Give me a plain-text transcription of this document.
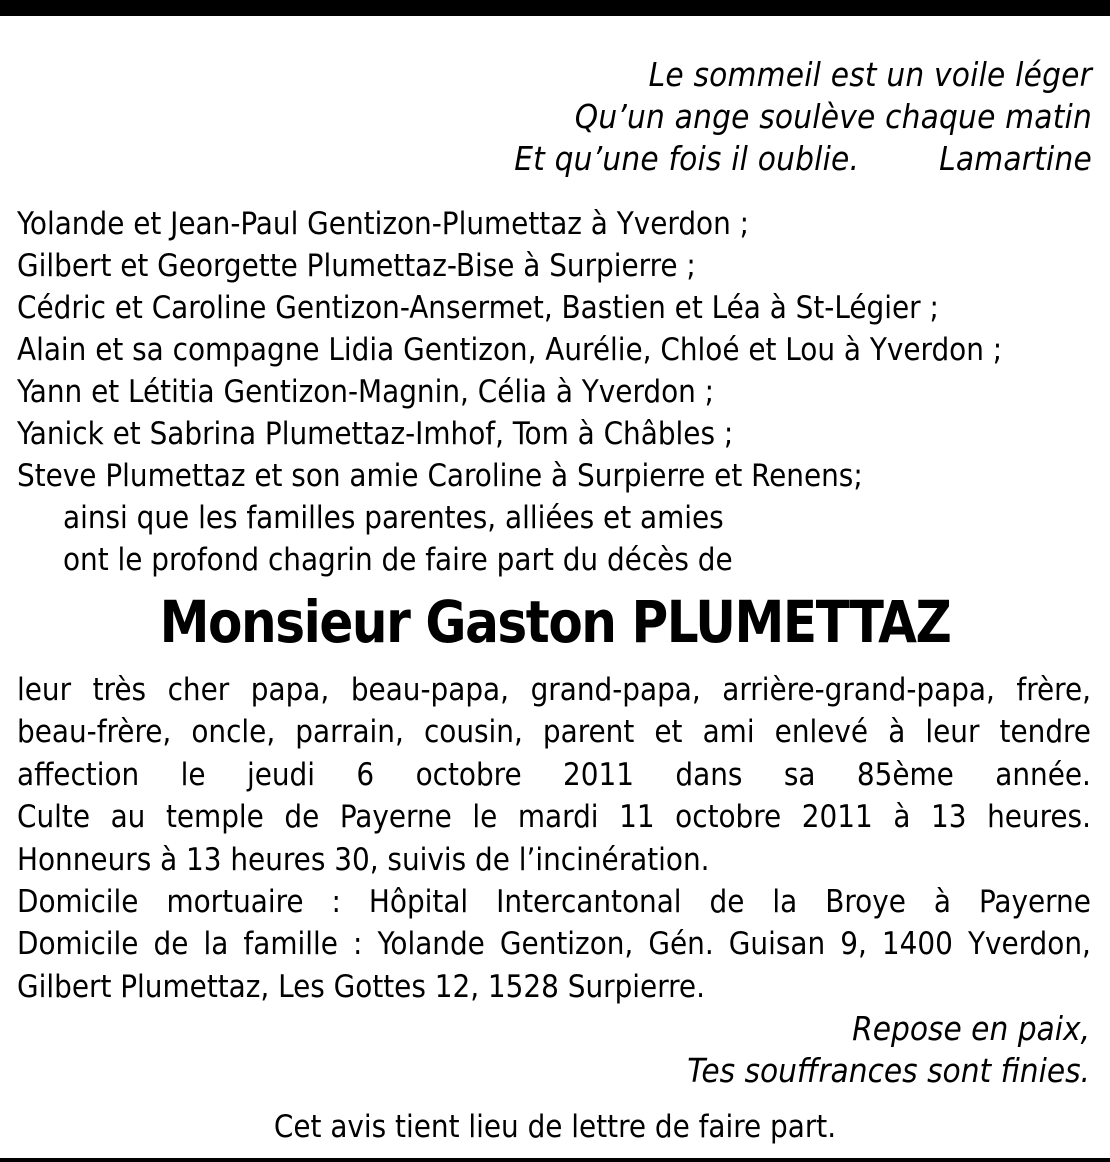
Le sommeil est un voile léger
Qu’un ange soulève chaque matin
Et qu’une fois il oublie. Lamartine
Yolande et Jean-Paul Gentizon-Plumettaz à Yverdon ;
Gilbert et Georgette Plumettaz-Bise à Surpierre ;
Cédric et Caroline Gentizon-Ansermet, Bastien et Léa à St-Légier ;
Alain et sa compagne Lidia Gentizon, Aurélie, Chloé et Lou à Yverdon ;
Yann et Létitia Gentizon-Magnin, Célia à Yverdon ;
Yanick et Sabrina Plumettaz-Imhof, Tom à Châbles ;
Steve Plumettaz et son amie Caroline à Surpierre et Renens;
ainsi que les familles parentes, alliées et amies
ont le profond chagrin de faire part du décès de
Monsieur Gaston PLUMETTAZ
leur très cher papa, beau-papa, grand-papa, arrière-grand-papa, frère,
beau-frère, oncle, parrain, cousin, parent et ami enlevé à leur tendre
affection le jeudi 6 octobre 2011 dans sa 85ème année.
Culte au temple de Payerne le mardi 11 octobre 2011 à 13 heures.
Honneurs à 13 heures 30, suivis de l’incinération.
Domicile mortuaire : Hôpital Intercantonal de la Broye à Payerne
Domicile de la famille : Yolande Gentizon, Gén. Guisan 9, 1400 Yverdon,
Gilbert Plumettaz, Les Gottes 12, 1528 Surpierre.
Repose en paix,
Tes souffrances sont finies.
Cet avis tient lieu de lettre de faire part.
